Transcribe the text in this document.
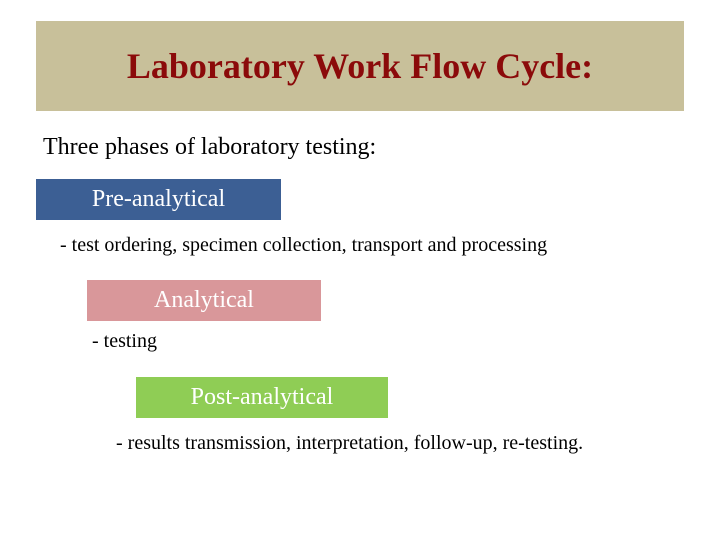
Laboratory Work Flow Cycle:
Three phases of laboratory testing:
Pre-analytical
- test ordering, specimen collection, transport and processing
Analytical
- testing
Post-analytical
- results transmission, interpretation, follow-up, re-testing.
